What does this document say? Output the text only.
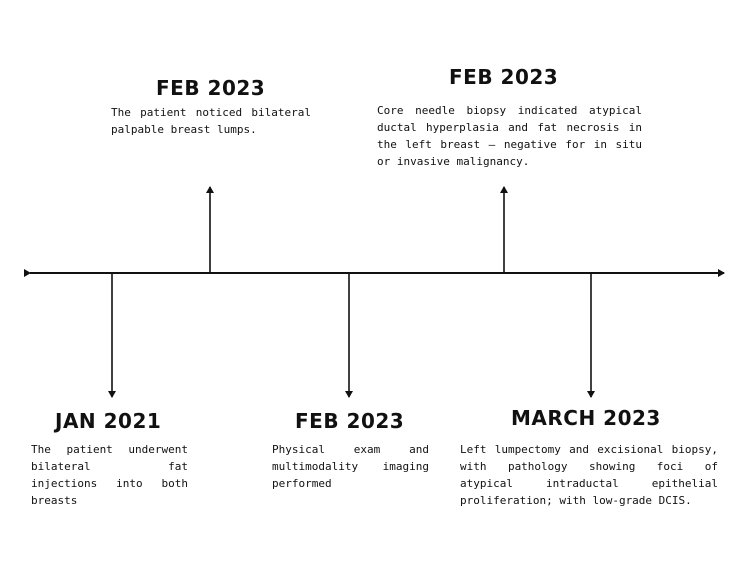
JAN 2021
The patient underwent bilateral fat injections into both breasts
FEB 2023
The patient noticed bilateral palpable breast lumps.
FEB 2023
Physical exam and multimodality imaging performed
FEB 2023
Core needle biopsy indicated atypical ductal hyperplasia and fat necrosis in the left breast – negative for in situ or invasive malignancy.
MARCH 2023
Left lumpectomy and excisional biopsy, with pathology showing foci of atypical intraductal epithelial proliferation; with low-grade DCIS.
